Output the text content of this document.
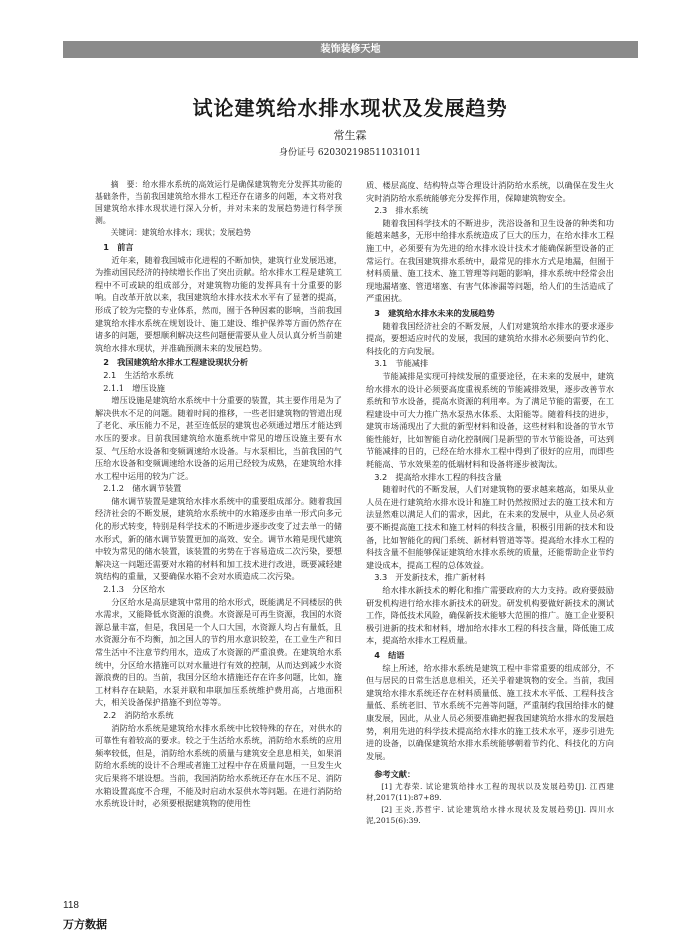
装饰装修天地
试论建筑给水排水现状及发展趋势
常生霖
身份证号 620302198511031011

摘　要：给水排水系统的高效运行是确保建筑物充分发挥其功能的基础条件，当前我国建筑给水排水工程还存在诸多的问题，本文将对我国建筑给水排水现状进行深入分析，并对未来的发展趋势进行科学预测。

关键词：建筑给水排水；现状；发展趋势

1　前言

近年来，随着我国城市化进程的不断加快，建筑行业发展迅速，为推动国民经济的持续增长作出了突出贡献。给水排水工程是建筑工程中不可或缺的组成部分，对建筑物功能的发挥具有十分重要的影响。自改革开放以来，我国建筑给水排水技术水平有了显著的提高，形成了较为完整的专业体系，然而，囿于各种因素的影响，当前我国建筑给水排水系统在规划设计、施工建设、维护保养等方面仍然存在诸多的问题，要想顺利解决这些问题便需要从业人员认真分析当前建筑给水排水现状，并准确预测未来的发展趋势。

2　我国建筑给水排水工程建设现状分析

2.1　生活给水系统

2.1.1　增压设施

增压设施是建筑给水系统中十分重要的装置，其主要作用是为了解决供水不足的问题。随着时间的推移，一些老旧建筑物的管道出现了老化、承压能力不足，甚至连低层的建筑也必须通过增压才能达到水压的要求。目前我国建筑给水施系统中常见的增压设施主要有水泵、气压给水设备和变频调速给水设备。与水泵相比，当前我国的气压给水设备和变频调速给水设备的运用已经较为成熟，在建筑给水排水工程中运用的较为广泛。

2.1.2　储水调节装置

储水调节装置是建筑给水排水系统中的重要组成部分。随着我国经济社会的不断发展，建筑给水系统中的水箱逐步由单一形式向多元化的形式转变，特别是科学技术的不断进步逐步改变了过去单一的储水形式，新的储水调节装置更加的高效、安全。调节水箱是现代建筑中较为常见的储水装置，该装置的劣势在于容易造成二次污染，要想解决这一问题还需要对水箱的材料和加工技术进行改进，既要减轻建筑结构的重量，又要确保水箱不会对水质造成二次污染。

2.1.3　分区给水

分区给水是高层建筑中常用的给水形式，既能满足不同楼层的供水需求，又能降低水资源的浪费。水资源是可再生资源，我国的水资源总量丰富，但是，我国是一个人口大国，水资源人均占有量低，且水资源分布不均衡，加之国人的节约用水意识较差，在工业生产和日常生活中不注意节约用水，造成了水资源的严重浪费。在建筑给水系统中，分区给水措施可以对水量进行有效的控制，从而达到减少水资源浪费的目的。当前，我国分区给水措施还存在许多问题，比如，施工材料存在缺陷，水泵并联和串联加压系统维护费用高，占地面积大，相关设备保护措施不到位等等。

2.2　消防给水系统

消防给水系统是建筑给水排水系统中比较特殊的存在，对供水的可靠性有着较高的要求。较之于生活给水系统，消防给水系统的应用频率较低，但是，消防给水系统的质量与建筑安全息息相关，如果消防给水系统的设计不合理或者施工过程中存在质量问题，一旦发生火灾后果将不堪设想。当前，我国消防给水系统还存在水压不足、消防水箱设置高度不合理，不能及时启动水泵供水等问题。在进行消防给水系统设计时，必须要根据建筑物的使用性

质、楼层高度、结构特点等合理设计消防给水系统，以确保在发生火灾时消防给水系统能够充分发挥作用，保障建筑物安全。

2.3　排水系统

随着我国科学技术的不断进步，洗浴设备和卫生设备的种类和功能越来越多，无形中给排水系统造成了巨大的压力，在给水排水工程施工中，必须要有为先进的给水排水设计技术才能确保新型设备的正常运行。在我国建筑排水系统中，最常见的排水方式是地漏，但囿于材料质量、施工技术、施工管理等问题的影响，排水系统中经常会出现地漏堵塞、管道堵塞、有害气体渗漏等问题，给人们的生活造成了严重困扰。

3　建筑给水排水未来的发展趋势

随着我国经济社会的不断发展，人们对建筑给水排水的要求逐步提高，要想适应时代的发展，我国的建筑给水排水必须要向节约化、科技化的方向发展。

3.1　节能减排

节能减排是实现可持续发展的重要途径，在未来的发展中，建筑给水排水的设计必须要高度重视系统的节能减排效果，逐步改善节水系统和节水设备，提高水资源的利用率。为了满足节能的需要，在工程建设中可大力推广热水泵热水体系、太阳能等。随着科技的进步，建筑市场涌现出了大批的新型材料和设备，这些材料和设备的节水节能性能好，比如智能自动化控制阀门是新型的节水节能设备，可达到节能减排的目的，已经在给水排水工程中得到了很好的应用，而即些耗能高、节水效果差的低端材料和设备将逐步被淘汰。

3.2　提高给水排水工程的科技含量

随着时代的不断发展，人们对建筑物的要求越来越高，如果从业人员在进行建筑给水排水设计和施工时仍然按照过去的施工技术和方法显然难以满足人们的需求，因此，在未来的发展中，从业人员必须要不断提高施工技术和施工材料的科技含量，积极引用新的技术和设备，比如智能化的阀门系统、新材料管道等等。提高给水排水工程的科技含量不但能够保证建筑给水排水系统的质量，还能帮助企业节约建设成本，提高工程的总体效益。

3.3　开发新技术，推广新材料

给水排水新技术的孵化和推广需要政府的大力支持。政府要鼓励研发机构进行给水排水新技术的研发。研发机构要做好新技术的测试工作，降低技术风险，确保新技术能够大范围的推广。施工企业要积极引进新的技术和材料，增加给水排水工程的科技含量，降低施工成本，提高给水排水工程质量。

4　结语

综上所述，给水排水系统是建筑工程中非常重要的组成部分，不但与居民的日常生活息息相关，还关乎着建筑物的安全。当前，我国建筑给水排水系统还存在材料质量低、施工技术水平低、工程科技含量低、系统老旧、节水系统不完善等问题，严重制约我国给排水的健康发展，因此，从业人员必须要准确把握我国建筑给水排水的发展趋势，利用先进的科学技术提高给水排水的施工技术水平，逐步引进先进的设备，以确保建筑给水排水系统能够朝着节约化、科技化的方向发展。

参考文献：

[1] 尤春荣. 试论建筑给排水工程的现状以及发展趋势[J]. 江西建材,2017(11):87+89.

[2] 王炎,苏哲宇. 试论建筑给水排水现状及发展趋势[J]. 四川水泥,2015(6):39.

118
万方数据
